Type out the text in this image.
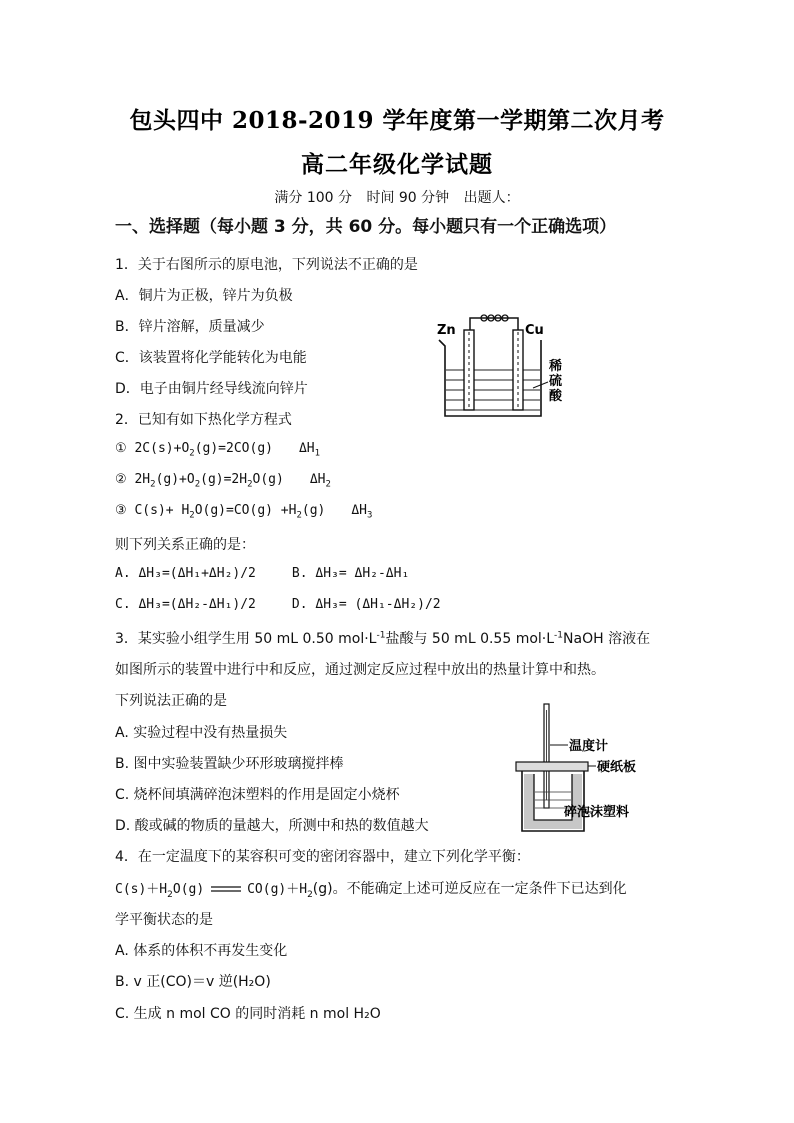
包头四中 2018-2019 学年度第一学期第二次月考
高二年级化学试题
满分 100 分 时间 90 分钟 出题人：
一、选择题（每小题 3 分，共 60 分。每小题只有一个正确选项）
1．关于右图所示的原电池，下列说法不正确的是
A．铜片为正极，锌片为负极
B．锌片溶解，质量减少
C．该装置将化学能转化为电能
D．电子由铜片经导线流向锌片
Zn	Cu
稀
硫
酸
2．已知有如下热化学方程式
① $2C(s)+O_2(g)=2CO(g)$ $\Delta H_1$
② $2H_2(g)+O_2(g)=2H_2O(g)$ $\Delta H_2$
③ $C(s)+ H_2O(g)=CO(g) +H_2(g)$ $\Delta H_3$
则下列关系正确的是：
A. ΔH₃=(ΔH₁+ΔH₂)/2	B. ΔH₃= ΔH₂-ΔH₁
C. ΔH₃=(ΔH₂-ΔH₁)/2	D. ΔH₃= (ΔH₁-ΔH₂)/2
3．某实验小组学生用 50 mL 0.50 $mol\cdot L^{-1}$盐酸与 50 mL 0.55 $mol\cdot L^{-1}NaOH$ 溶液在
如图所示的装置中进行中和反应，通过测定反应过程中放出的热量计算中和热。
下列说法正确的是
A. 实验过程中没有热量损失
B. 图中实验装置缺少环形玻璃搅拌棒
C. 烧杯间填满碎泡沫塑料的作用是固定小烧杯
D. 酸或碱的物质的量越大，所测中和热的数值越大
温度计
硬纸板
碎泡沫塑料
4．在一定温度下的某容积可变的密闭容器中，建立下列化学平衡：
$C(s)+H_2O(g)$	$CO(g)+H_2(g)$。不能确定上述可逆反应在一定条件下已达到化
学平衡状态的是
A. 体系的体积不再发生变化
B. v 正(CO)＝v 逆(H₂O)
C. 生成 n mol CO 的同时消耗 n mol H₂O
